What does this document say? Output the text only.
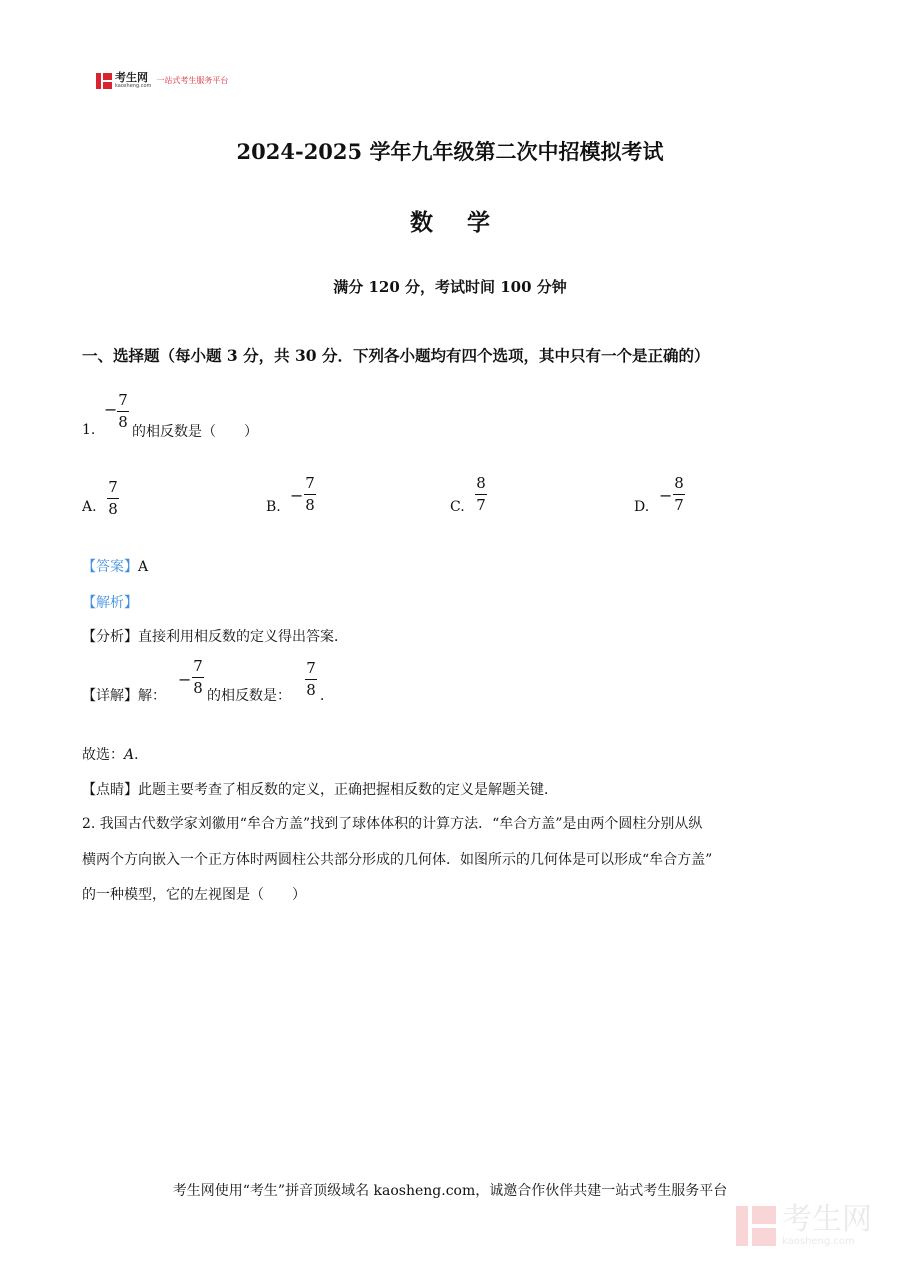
考生网
kaosheng.com
一站式考生服务平台
2024-2025 学年九年级第二次中招模拟考试
数学
满分 120 分，考试时间 100 分钟
一、选择题（每小题 3 分，共 30 分．下列各小题均有四个选项，其中只有一个是正确的）
1.
− 7
8
的相反数是（　　）
A.
7
8	B.
−
7
8	C.
8
7	D.
−
8
7
【答案】A
【解析】
【分析】直接利用相反数的定义得出答案．
【详解】解：
−
7
8 的相反数是：
7
8 ．
故选：A．
【点睛】此题主要考查了相反数的定义，正确把握相反数的定义是解题关键．
2. 我国古代数学家刘徽用“牟合方盖”找到了球体体积的计算方法．“牟合方盖”是由两个圆柱分别从纵
横两个方向嵌入一个正方体时两圆柱公共部分形成的几何体．如图所示的几何体是可以形成“牟合方盖”
的一种模型，它的左视图是（　　）
考生网使用“考生”拼音顶级域名 kaosheng.com，诚邀合作伙伴共建一站式考生服务平台
考生网
kaosheng.com
